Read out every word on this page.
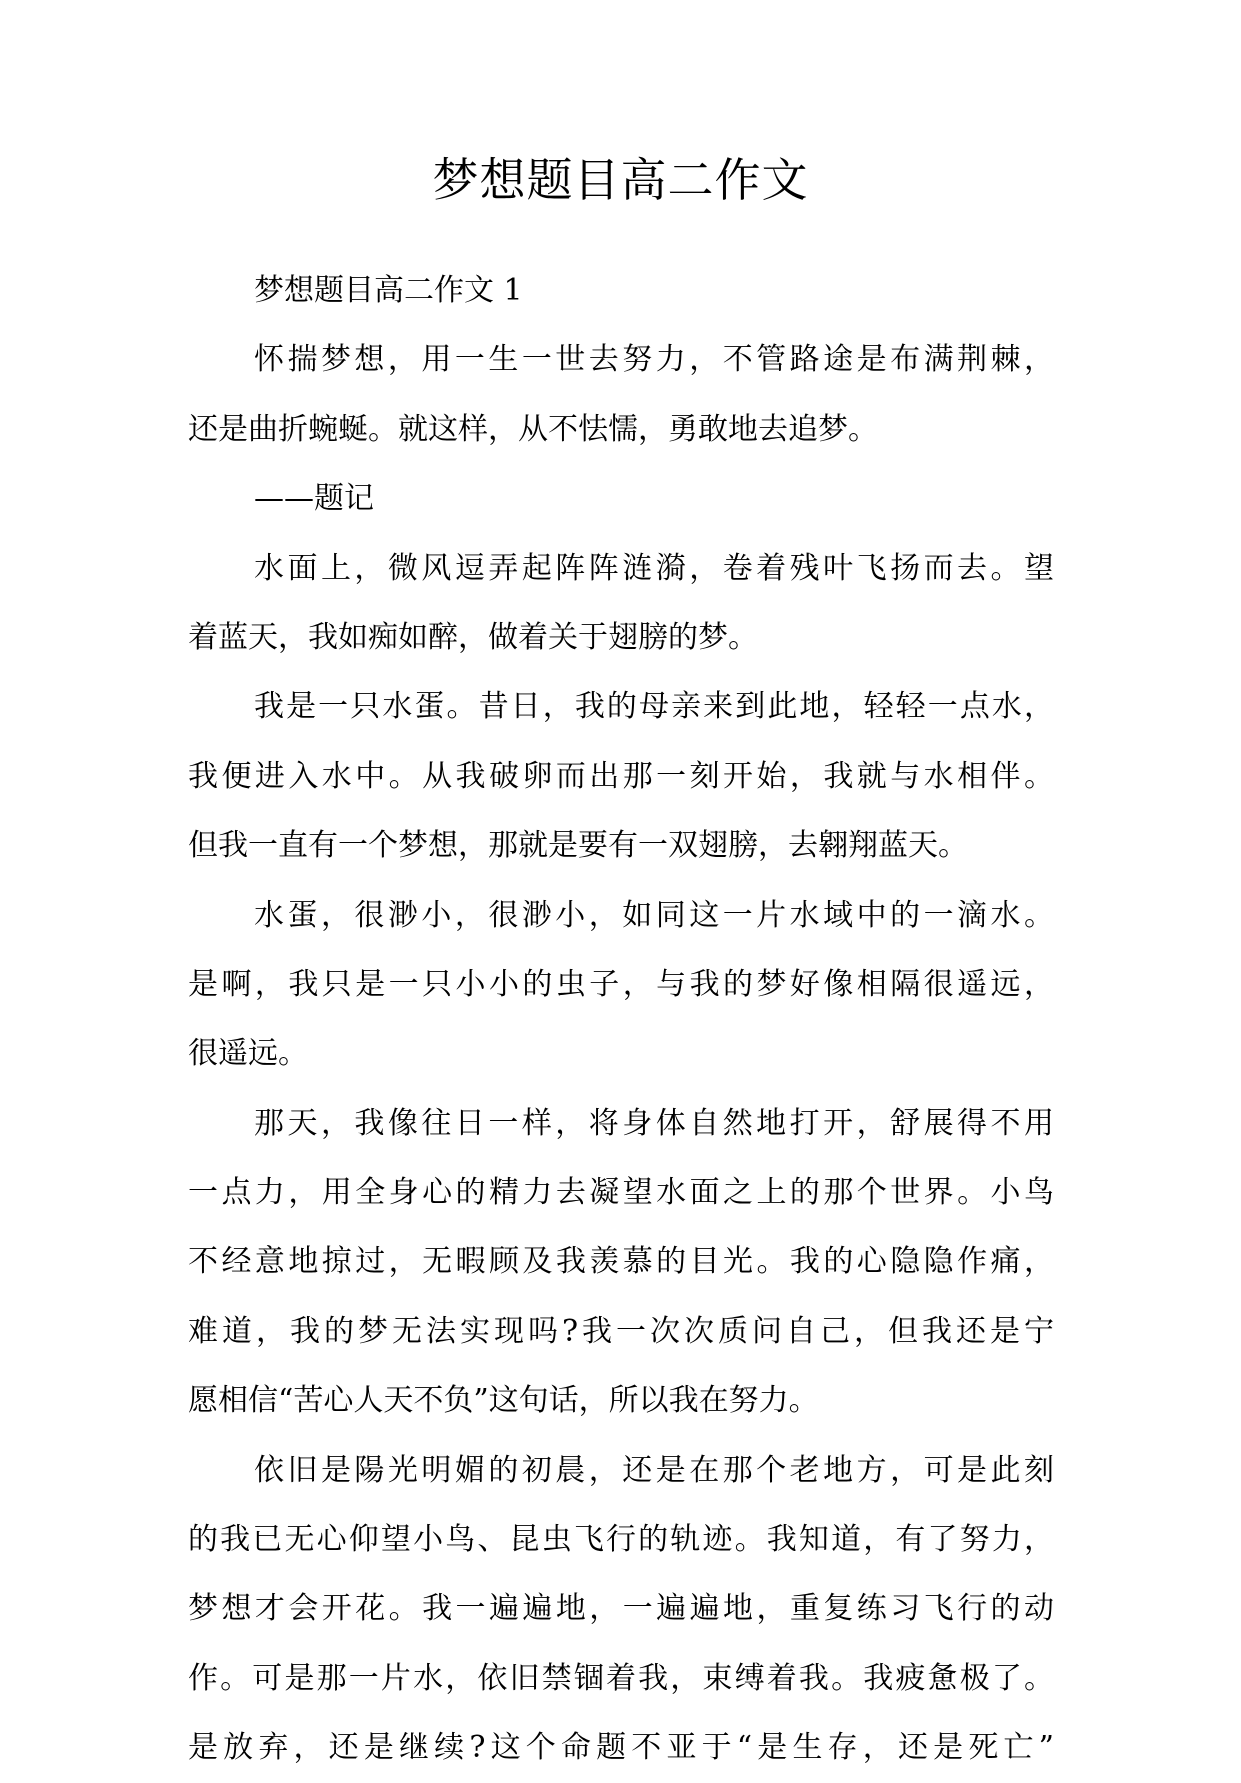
梦想题目高二作文
梦想题目高二作文 1
怀揣梦想，用一生一世去努力，不管路途是布满荆棘，
还是曲折蜿蜒。就这样，从不怯懦，勇敢地去追梦。
——题记
水面上，微风逗弄起阵阵涟漪，卷着残叶飞扬而去。望
着蓝天，我如痴如醉，做着关于翅膀的梦。
我是一只水蛋。昔日，我的母亲来到此地，轻轻一点水，
我便进入水中。从我破卵而出那一刻开始，我就与水相伴。
但我一直有一个梦想，那就是要有一双翅膀，去翱翔蓝天。
水蛋，很渺小，很渺小，如同这一片水域中的一滴水。
是啊，我只是一只小小的虫子，与我的梦好像相隔很遥远，
很遥远。
那天，我像往日一样，将身体自然地打开，舒展得不用
一点力，用全身心的精力去凝望水面之上的那个世界。小鸟
不经意地掠过，无暇顾及我羡慕的目光。我的心隐隐作痛，
难道，我的梦无法实现吗?我一次次质问自己，但我还是宁
愿相信“苦心人天不负”这句话，所以我在努力。
依旧是陽光明媚的初晨，还是在那个老地方，可是此刻
的我已无心仰望小鸟、昆虫飞行的轨迹。我知道，有了努力，
梦想才会开花。我一遍遍地，一遍遍地，重复练习飞行的动
作。可是那一片水，依旧禁锢着我，束缚着我。我疲惫极了。
是放弃，还是继续?这个命题不亚于“是生存，还是死亡”
